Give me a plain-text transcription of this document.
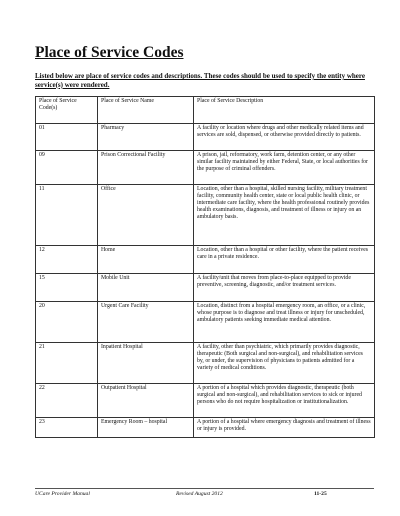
Place of Service Codes
Listed below are place of service codes and descriptions. These codes should be used to specify the entity where service(s) were rendered.
Place of Service Code(s)	Place of Service Name	Place of Service Description
01	Pharmacy	A facility or location where drugs and other medically related items and services are sold, dispensed, or otherwise provided directly to patients.
09	Prison Correctional Facility	A prison, jail, reformatory, work farm, detention center, or any other similar facility maintained by either Federal, State, or local authorities for the purpose of criminal offenders.
11	Office	Location, other than a hospital, skilled nursing facility, military treatment facility, community health center, state or local public health clinic, or intermediate care facility, where the health professional routinely provides health examinations, diagnosis, and treatment of illness or injury on an ambulatory basis.
12	Home	Location, other than a hospital or other facility, where the patient receives care in a private residence.
15	Mobile Unit	A facility/unit that moves from place-to-place equipped to provide preventive, screening, diagnostic, and/or treatment services.
20	Urgent Care Facility	Location, distinct from a hospital emergency room, an office, or a clinic, whose purpose is to diagnose and treat illness or injury for unscheduled, ambulatory patients seeking immediate medical attention.
21	Inpatient Hospital	A facility, other than psychiatric, which primarily provides diagnostic, therapeutic (Both surgical and non-surgical), and rehabilitation services by, or under, the supervision of physicians to patients admitted for a variety of medical conditions.
22	Outpatient Hospital	A portion of a hospital which provides diagnostic, therapeutic (both surgical and non-surgical), and rehabilitation services to sick or injured persons who do not require hospitalization or institutionalization.
23	Emergency Room – hospital	A portion of a hospital where emergency diagnosis and treatment of illness or injury is provided.
UCare Provider Manual	Revised August 2012	11-25
